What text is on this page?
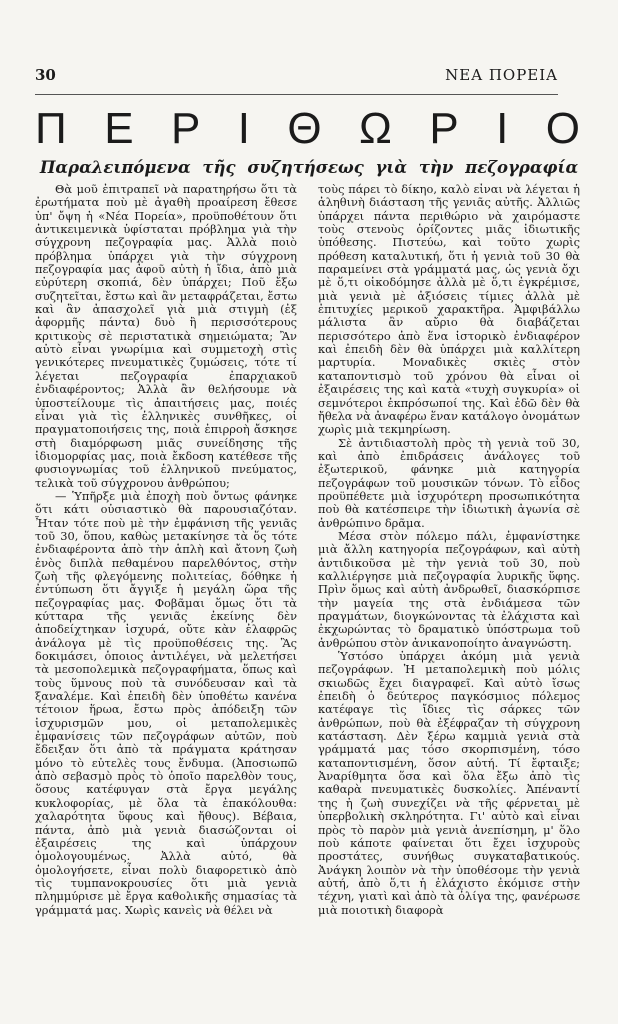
30	ΝΕΑ ΠΟΡΕΙΑ
Π Ε Ρ Ι Θ Ω Ρ Ι Ο
Παραλειπόμενα τῆς συζητήσεως γιὰ τὴν πεζογραφία

Θὰ μοῦ ἐπιτραπεῖ νὰ παρατηρήσω ὅτι τὰ ἐρωτήματα ποὺ μὲ ἀγαθὴ προαίρεση ἔθεσε ὑπ' ὄψη ἡ «Νέα Πορεία», προϋποθέτουν ὅτι ἀντικειμενικὰ ὑφίσταται πρόβλημα γιὰ τὴν σύγχρονη πεζογραφία μας. Ἀλλὰ ποιὸ πρόβλημα ὑπάρχει γιὰ τὴν σύγχρονη πεζογραφία μας ἀφοῦ αὐτὴ ἡ ἴδια, ἀπὸ μιὰ εὐρύτερη σκοπιά, δὲν ὑπάρχει; Ποῦ ἔξω συζητεῖται, ἔστω καὶ ἂν μεταφράζεται, ἔστω καὶ ἂν ἀπασχολεῖ γιὰ μιὰ στιγμὴ (ἐξ ἀφορμῆς πάντα) δυὸ ἢ περισσότερους κριτικοὺς σὲ περιστατικὰ σημειώματα; Ἂν αὐτὸ εἶναι γνωρίμια καὶ συμμετοχὴ στὶς γενικότερες πνευματικὲς ζυμώσεις, τότε τί λέγεται πεζογραφία ἐπαρχιακοῦ ἐνδιαφέροντος; Ἀλλὰ ἂν θελήσουμε νὰ ὑποστείλουμε τὶς ἀπαιτήσεις μας, ποιές εἶναι γιὰ τὶς ἑλληνικὲς συνθῆκες, οἱ πραγματοποιήσεις της, ποιὰ ἐπιρροὴ ἄσκησε στὴ διαμόρφωση μιᾶς συνείδησης τῆς ἰδιομορφίας μας, ποιὰ ἔκδοση κατέθεσε τῆς φυσιογνωμίας τοῦ ἑλληνικοῦ πνεύματος, τελικὰ τοῦ σύγχρονου ἀνθρώπου;

— Ὑπῆρξε μιὰ ἐποχὴ ποὺ ὄντως φάνηκε ὅτι κάτι οὐσιαστικὸ θὰ παρουσιαζόταν. Ἦταν τότε ποὺ μὲ τὴν ἐμφάνιση τῆς γενιᾶς τοῦ 30, ὅπου, καθὼς μετακίνησε τὰ ὅς τότε ἐνδιαφέροντα ἀπὸ τὴν ἁπλὴ καὶ ἄτονη ζωὴ ἑνὸς διπλὰ πεθαμένου παρελθόντος, στὴν ζωὴ τῆς φλεγόμενης πολιτείας, δόθηκε ἡ ἐντύπωση ὅτι ἄγγιξε ἡ μεγάλη ὥρα τῆς πεζογραφίας μας. Φοβᾶμαι ὅμως ὅτι τὰ κύτταρα τῆς γενιᾶς ἐκείνης δὲν ἀποδείχτηκαν ἰσχυρά, οὔτε κὰν ἐλαφρῶς ἀνάλογα μὲ τὶς προϋποθέσεις της. Ἂς δοκιμάσει, ὁποιος ἀντιλέγει, νὰ μελετήσει τὰ μεσοπολεμικὰ πεζογραφήματα, ὅπως καὶ τοὺς ὕμνους ποὺ τὰ συνόδευσαν καὶ τὰ ξαναλέμε. Καὶ ἐπειδὴ δὲν ὑποθέτω κανένα τέτοιον ἥρωα, ἔστω πρὸς ἀπόδειξη τῶν ἰσχυρισμῶν μου, οἱ μεταπολεμικὲς ἐμφανίσεις τῶν πεζογράφων αὐτῶν, ποὺ ἔδειξαν ὅτι ἀπὸ τὰ πράγματα κράτησαν μόνο τὸ εὐτελὲς τους ἔνδυμα. (Ἀποσιωπῶ ἀπὸ σεβασμὸ πρὸς τὸ ὁποῖο παρελθὸν τους, ὅσους κατέφυγαν στὰ ἔργα μεγάλης κυκλοφορίας, μὲ ὅλα τὰ ἐπακόλουθα: χαλαρότητα ὕφους καὶ ἤθους). Βέβαια, πάντα, ἀπὸ μιὰ γενιὰ διασώζονται οἱ ἐξαιρέσεις της καὶ ὑπάρχουν ὁμολογουμένως. Ἀλλὰ αὐτό, θὰ ὁμολογήσετε, εἶναι πολὺ διαφορετικὸ ἀπὸ τὶς τυμπανοκρουσίες ὅτι μιὰ γενιὰ πλημμύρισε μὲ ἔργα καθολικῆς σημασίας τὰ γράμματά μας. Χωρὶς κανεὶς νὰ θέλει νὰ

τοὺς πάρει τὸ δίκηο, καλὸ εἶναι νὰ λέγεται ἡ ἀληθινὴ διάσταση τῆς γενιᾶς αὐτῆς. Ἀλλιῶς ὑπάρχει πάντα περιθώριο νὰ χαιρόμαστε τοὺς στενοὺς ὁρίζοντες μιᾶς ἰδιωτικῆς ὑπόθεσης. Πιστεύω, καὶ τοῦτο χωρὶς πρόθεση καταλυτική, ὅτι ἡ γενιὰ τοῦ 30 θὰ παραμείνει στὰ γράμματά μας, ὡς γενιὰ ὄχι μὲ ὅ,τι οἰκοδόμησε ἀλλὰ μὲ ὅ,τι ἐγκρέμισε, μιὰ γενιὰ μὲ ἀξιόσεις τίμιες ἀλλὰ μὲ ἐπιτυχίες μερικοῦ χαρακτῆρα. Ἀμφιβάλλω μάλιστα ἂν αὔριο θὰ διαβάζεται περισσότερο ἀπὸ ἕνα ἱστορικὸ ἐνδιαφέρον καὶ ἐπειδὴ δὲν θὰ ὑπάρχει μιὰ καλλίτερη μαρτυρία. Μοναδικὲς σκιὲς στὸν καταποντισμὸ τοῦ χρόνου θὰ εἶναι οἱ ἐξαιρέσεις της καὶ κατὰ «τυχὴ συγκυρία» οἱ σεμνότεροι ἐκπρόσωποί της. Καὶ ἐδῶ δὲν θὰ ἤθελα νὰ ἀναφέρω ἕναν κατάλογο ὀνομάτων χωρὶς μιὰ τεκμηρίωση.

Σὲ ἀντιδιαστολὴ πρὸς τὴ γενιὰ τοῦ 30, καὶ ἀπὸ ἐπιδράσεις ἀνάλογες τοῦ ἐξωτερικοῦ, φάνηκε μιὰ κατηγορία πεζογράφων τοῦ μουσικῶν τόνων. Τὸ εἶδος προϋπέθετε μιὰ ἰσχυρότερη προσωπικότητα ποὺ θὰ κατέσπειρε τὴν ἰδιωτικὴ ἀγωνία σὲ ἀνθρώπινο δρᾶμα.

Μέσα στὸν πόλεμο πάλι, ἐμφανίστηκε μιὰ ἄλλη κατηγορία πεζογράφων, καὶ αὐτὴ ἀντιδικοῦσα μὲ τὴν γενιὰ τοῦ 30, ποὺ καλλιέργησε μιὰ πεζογραφία λυρικῆς ὕφης. Πρὶν ὅμως καὶ αὐτὴ ἀνδρωθεῖ, διασκόρπισε τὴν μαγεία της στὰ ἐνδιάμεσα τῶν πραγμάτων, διογκώνοντας τὰ ἐλάχιστα καὶ ἐκχωρώντας τὸ δραματικὸ ὑπόστρωμα τοῦ ἀνθρώπου στὸν ἀνικανοποίητο ἀναγνώστη.

Ὑστόσο ὑπάρχει ἀκόμη μιὰ γενιὰ πεζογράφων. Ἡ μεταπολεμικὴ ποὺ μόλις σκιωδῶς ἔχει διαγραφεῖ. Καὶ αὐτὸ ἴσως ἐπειδὴ ὁ δεύτερος παγκόσμιος πόλεμος κατέφαγε τὶς ἴδιες τὶς σάρκες τῶν ἀνθρώπων, ποὺ θὰ ἐξέφραζαν τὴ σύγχρονη κατάσταση. Δὲν ξέρω καμμιὰ γενιὰ στὰ γράμματά μας τόσο σκορπισμένη, τόσο καταποντισμένη, ὅσον αὐτή. Τί ἔφταιξε; Ἀναρίθμητα ὅσα καὶ ὅλα ἔξω ἀπὸ τὶς καθαρὰ πνευματικὲς δυσκολίες. Ἀπέναντί της ἡ ζωὴ συνεχίζει νὰ τῆς φέρνεται μὲ ὑπερβολικὴ σκληρότητα. Γι' αὐτὸ καὶ εἶναι πρὸς τὸ παρὸν μιὰ γενιὰ ἀνεπίσημη, μ' ὅλο ποὺ κάποτε φαίνεται ὅτι ἔχει ἰσχυροὺς προστάτες, συνήθως συγκαταβατικούς. Ἀνάγκη λοιπὸν νὰ τὴν ὑποθέσομε τὴν γενιὰ αὐτή, ἀπὸ ὅ,τι ἡ ἐλάχιστο ἐκόμισε στὴν τέχνη, γιατὶ καὶ ἀπὸ τὰ ὀλίγα της, φανέρωσε μιὰ ποιοτικὴ διαφορὰ
